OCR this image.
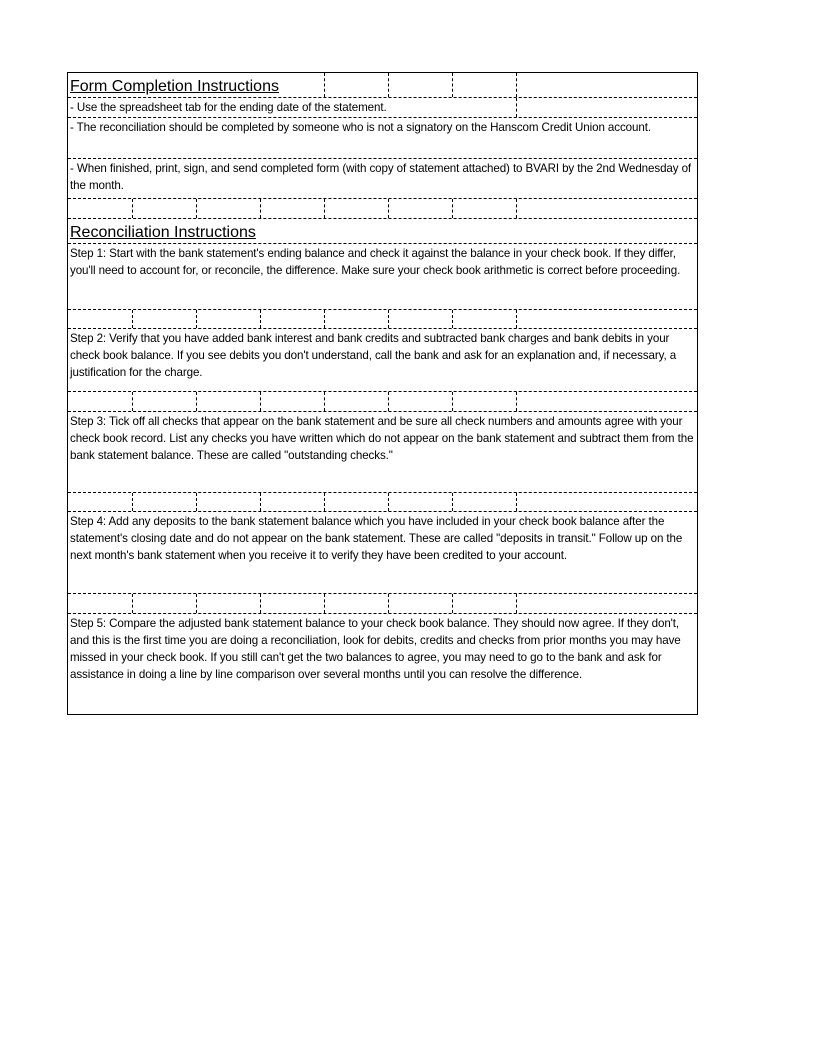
Form Completion Instructions
- Use the spreadsheet tab for the ending date of the statement.
- The reconciliation should be completed by someone who is not a signatory on the Hanscom Credit Union account.
- When finished, print, sign, and send completed form (with copy of statement attached) to BVARI by the 2nd Wednesday of the month.
Reconciliation Instructions
Step 1: Start with the bank statement's ending balance and check it against the balance in your check book. If they differ, you'll need to account for, or reconcile, the difference. Make sure your check book arithmetic is correct before proceeding.
Step 2: Verify that you have added bank interest and bank credits and subtracted bank charges and bank debits in your check book balance. If you see debits you don't understand, call the bank and ask for an explanation and, if necessary, a justification for the charge.
Step 3: Tick off all checks that appear on the bank statement and be sure all check numbers and amounts agree with your check book record. List any checks you have written which do not appear on the bank statement and subtract them from the bank statement balance. These are called "outstanding checks."
Step 4: Add any deposits to the bank statement balance which you have included in your check book balance after the statement's closing date and do not appear on the bank statement. These are called "deposits in transit." Follow up on the next month's bank statement when you receive it to verify they have been credited to your account.
Step 5: Compare the adjusted bank statement balance to your check book balance. They should now agree. If they don't, and this is the first time you are doing a reconciliation, look for debits, credits and checks from prior months you may have missed in your check book. If you still can't get the two balances to agree, you may need to go to the bank and ask for assistance in doing a line by line comparison over several months until you can resolve the difference.
